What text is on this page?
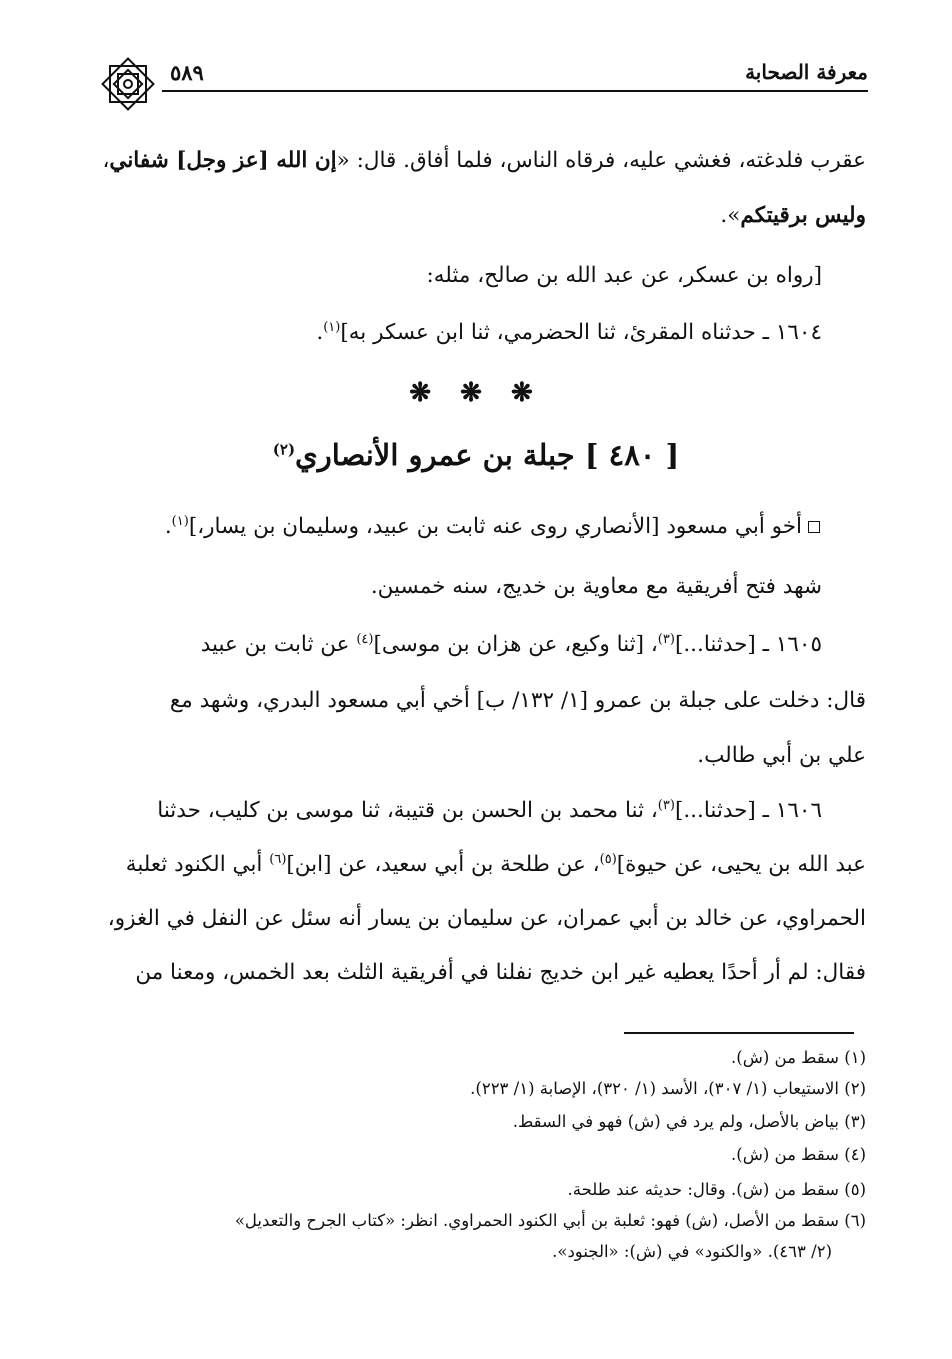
معرفة الصحابة
٥٨٩
عقرب فلدغته، فغشي عليه، فرقاه الناس، فلما أفاق. قال: «إن الله [عز وجل] شفاني،
وليس برقيتكم».
[رواه بن عسكر، عن عبد الله بن صالح، مثله:
١٦٠٤ ـ حدثناه المقرئ، ثنا الحضرمي، ثنا ابن عسكر به]$^{(١)}$.
❋ ❋ ❋
[ ٤٨٠ ] جبلة بن عمرو الأنصاري$^{(٢)}$
أخو أبي مسعود [الأنصاري روى عنه ثابت بن عبيد، وسليمان بن يسار،]$^{(١)}$.
شهد فتح أفريقية مع معاوية بن خديج، سنه خمسين.
١٦٠٥ ـ [حدثنا...]$^{(٣)}$، [ثنا وكيع، عن هزان بن موسى]$^{(٤)}$ عن ثابت بن عبيد
قال: دخلت على جبلة بن عمرو [١/ ١٣٢/ ب] أخي أبي مسعود البدري، وشهد مع
علي بن أبي طالب.
١٦٠٦ ـ [حدثنا...]$^{(٣)}$، ثنا محمد بن الحسن بن قتيبة، ثنا موسى بن كليب، حدثنا
عبد الله بن يحيى، عن حيوة]$^{(٥)}$، عن طلحة بن أبي سعيد، عن [ابن]$^{(٦)}$ أبي الكنود ثعلبة
الحمراوي، عن خالد بن أبي عمران، عن سليمان بن يسار أنه سئل عن النفل في الغزو،
فقال: لم أر أحدًا يعطيه غير ابن خديج نفلنا في أفريقية الثلث بعد الخمس، ومعنا من
(١) سقط من (ش).
(٢) الاستيعاب (١/ ٣٠٧)، الأسد (١/ ٣٢٠)، الإصابة (١/ ٢٢٣).
(٣) بياض بالأصل، ولم يرد في (ش) فهو في السقط.
(٤) سقط من (ش).
(٥) سقط من (ش). وقال: حديثه عند طلحة.
(٦) سقط من الأصل، (ش) فهو: ثعلبة بن أبي الكنود الحمراوي. انظر: «كتاب الجرح والتعديل»
(٢/ ٤٦٣). «والكنود» في (ش): «الجنود».
